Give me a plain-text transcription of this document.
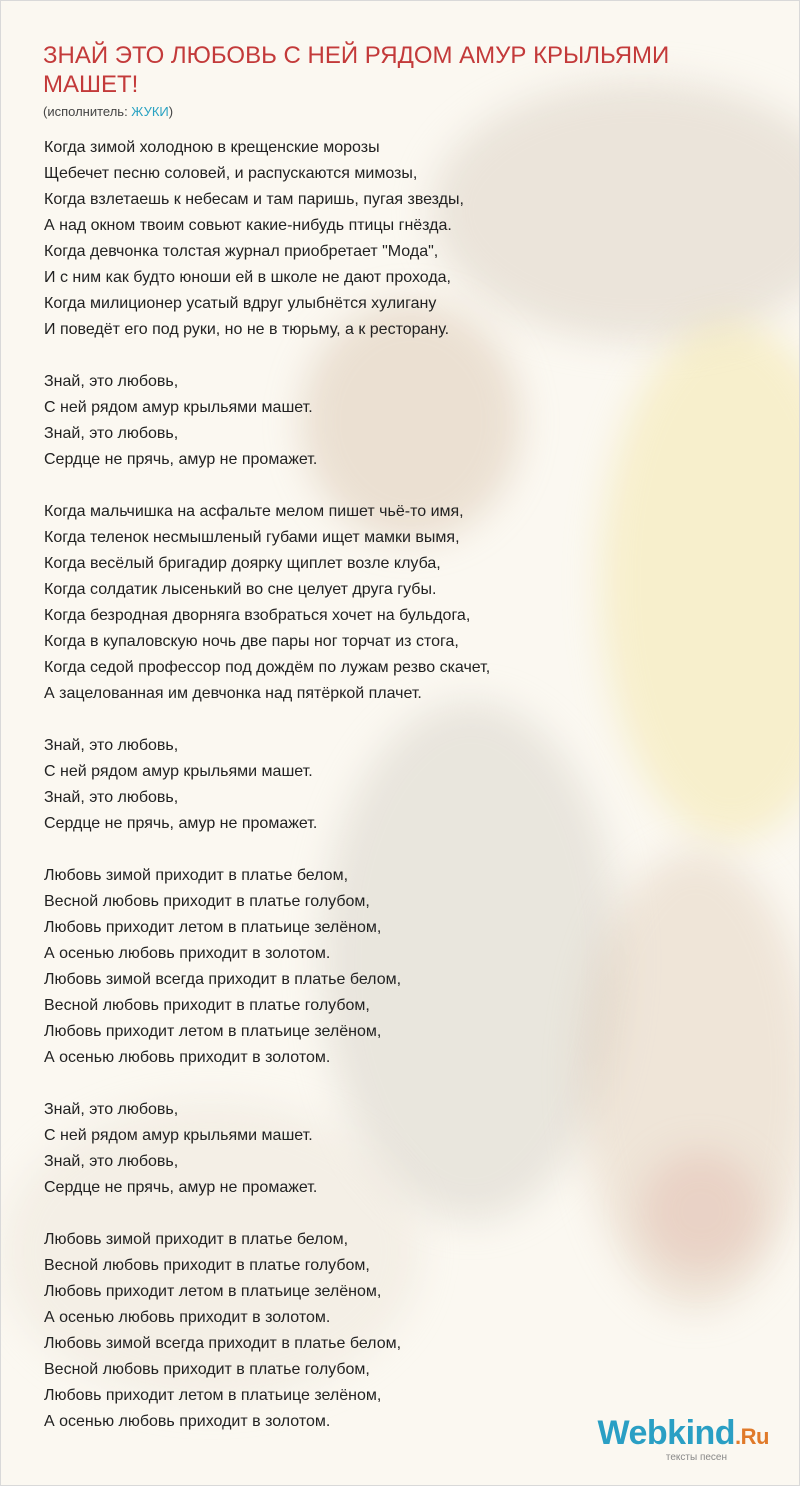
ЗНАЙ ЭТО ЛЮБОВЬ С НЕЙ РЯДОМ АМУР КРЫЛЬЯМИ МАШЕТ!
(исполнитель: ЖУКИ)
Когда зимой холодною в крещенские морозы
Щебечет песню соловей, и распускаются мимозы,
Когда взлетаешь к небесам и там паришь, пугая звезды,
А над окном твоим совьют какие-нибудь птицы гнёзда.
Когда девчонка толстая журнал приобретает "Мода",
И с ним как будто юноши ей в школе не дают прохода,
Когда милиционер усатый вдруг улыбнётся хулигану
И поведёт его под руки, но не в тюрьму, а к ресторану.
Знай, это любовь,
С ней рядом амур крыльями машет.
Знай, это любовь,
Сердце не прячь, амур не промажет.
Когда мальчишка на асфальте мелом пишет чьё-то имя,
Когда теленок несмышленый губами ищет мамки вымя,
Когда весёлый бригадир доярку щиплет возле клуба,
Когда солдатик лысенький во сне целует друга губы.
Когда безродная дворняга взобраться хочет на бульдога,
Когда в купаловскую ночь две пары ног торчат из стога,
Когда седой профессор под дождём по лужам резво скачет,
А зацелованная им девчонка над пятёркой плачет.
Знай, это любовь,
С ней рядом амур крыльями машет.
Знай, это любовь,
Сердце не прячь, амур не промажет.
Любовь зимой приходит в платье белом,
Весной любовь приходит в платье голубом,
Любовь приходит летом в платьице зелёном,
А осенью любовь приходит в золотом.
Любовь зимой всегда приходит в платье белом,
Весной любовь приходит в платье голубом,
Любовь приходит летом в платьице зелёном,
А осенью любовь приходит в золотом.
Знай, это любовь,
С ней рядом амур крыльями машет.
Знай, это любовь,
Сердце не прячь, амур не промажет.
Любовь зимой приходит в платье белом,
Весной любовь приходит в платье голубом,
Любовь приходит летом в платьице зелёном,
А осенью любовь приходит в золотом.
Любовь зимой всегда приходит в платье белом,
Весной любовь приходит в платье голубом,
Любовь приходит летом в платьице зелёном,
А осенью любовь приходит в золотом.	Webkind.Ru
тексты песен
